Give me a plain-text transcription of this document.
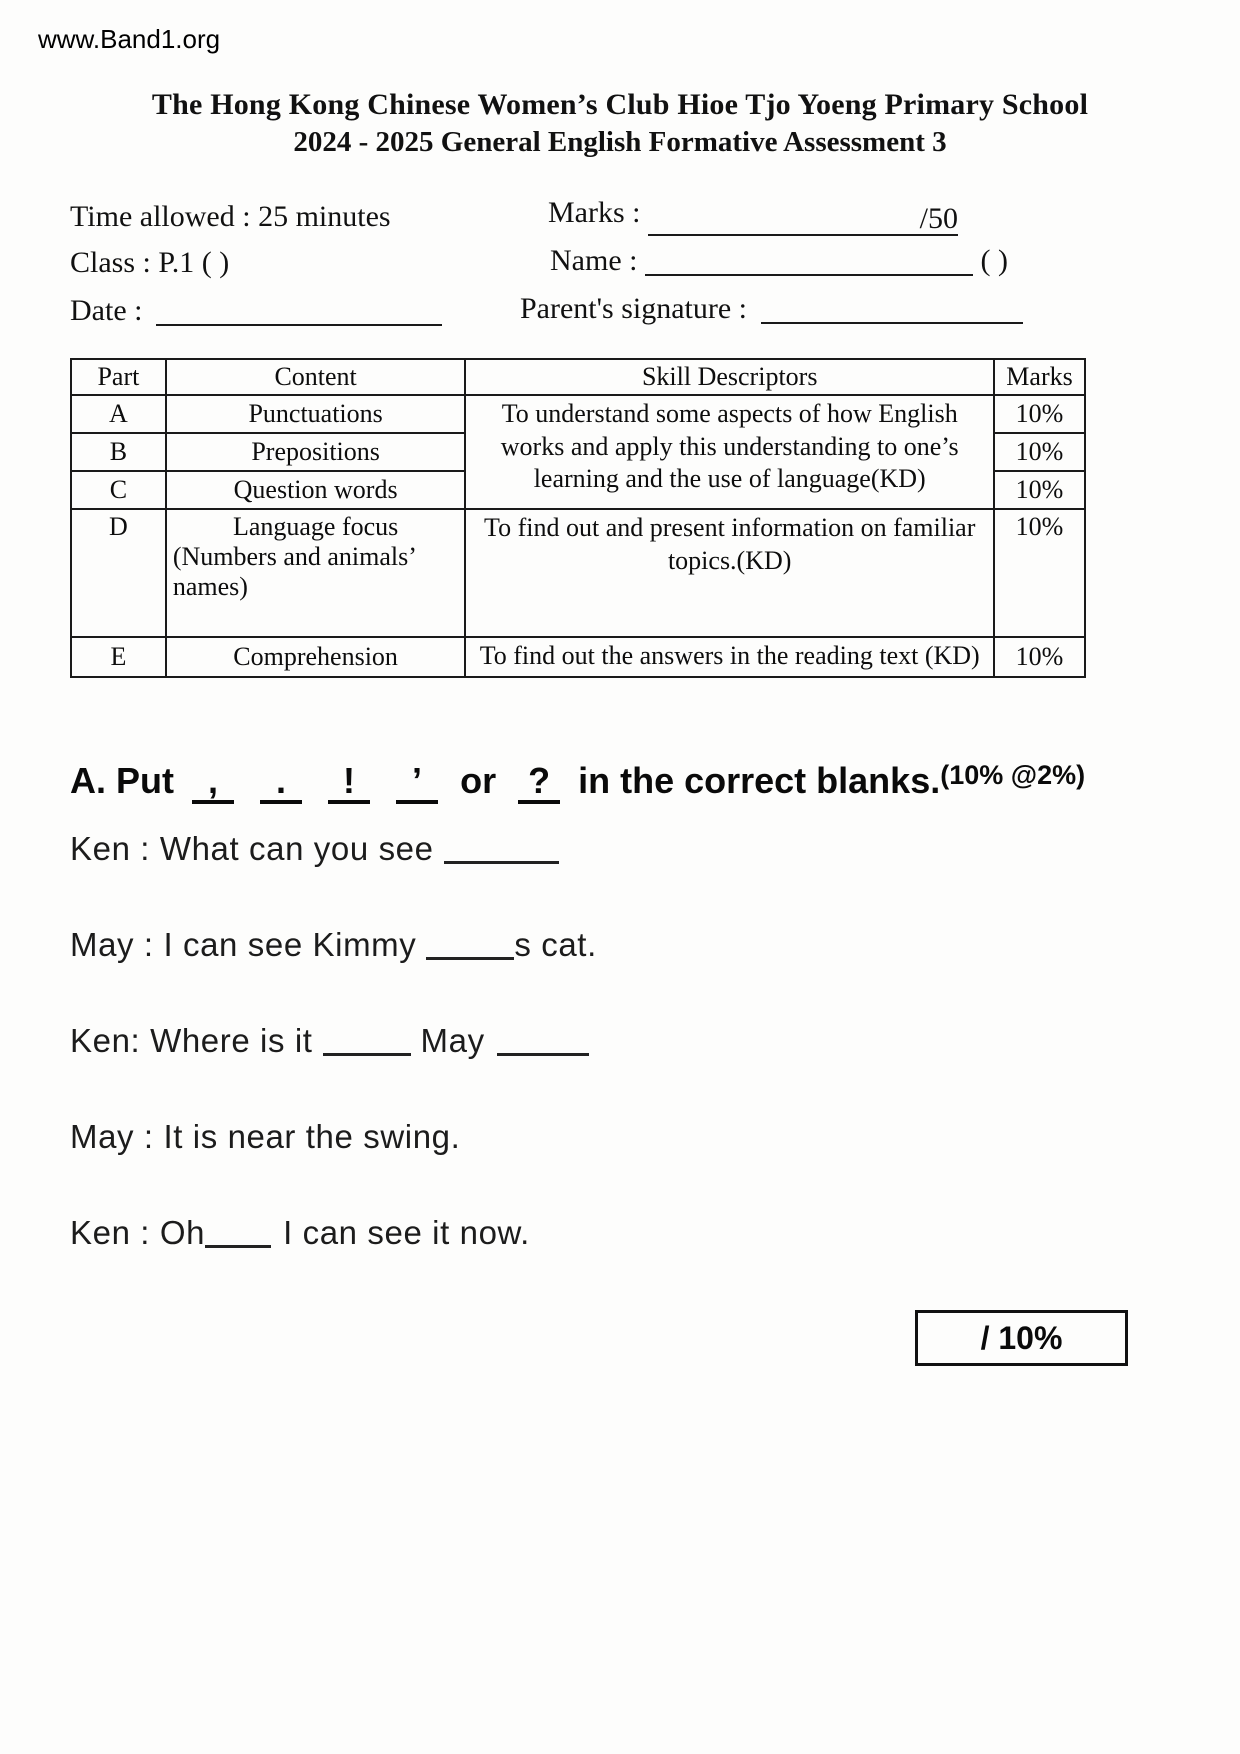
www.Band1.org
The Hong Kong Chinese Women’s Club Hioe Tjo Yoeng Primary School
2024 - 2025 General English Formative Assessment 3
Time allowed : 25 minutes	Marks :	/50
Class : P.1 ( )	Name :	( )
Date :	Parent's signature :
Part	Content	Skill Descriptors	Marks
A	Punctuations	To understand some aspects of how English works and apply this understanding to one’s learning and the use of language(KD)	10%
B	Prepositions		10%
C	Question words		10%
D	Language focus
(Numbers and animals’
names)	To find out and present information on familiar topics.(KD)	10%
E	Comprehension	To find out the answers in the reading text (KD)	10%
A. Put , . ! ’ or ? in the correct blanks.$^{(10\% @2\%)}$
Ken : What can you see
May : I can see Kimmy	s cat.
Ken: Where is it	May
May : It is near the swing.
Ken : Oh I can see it now.
/ 10%
